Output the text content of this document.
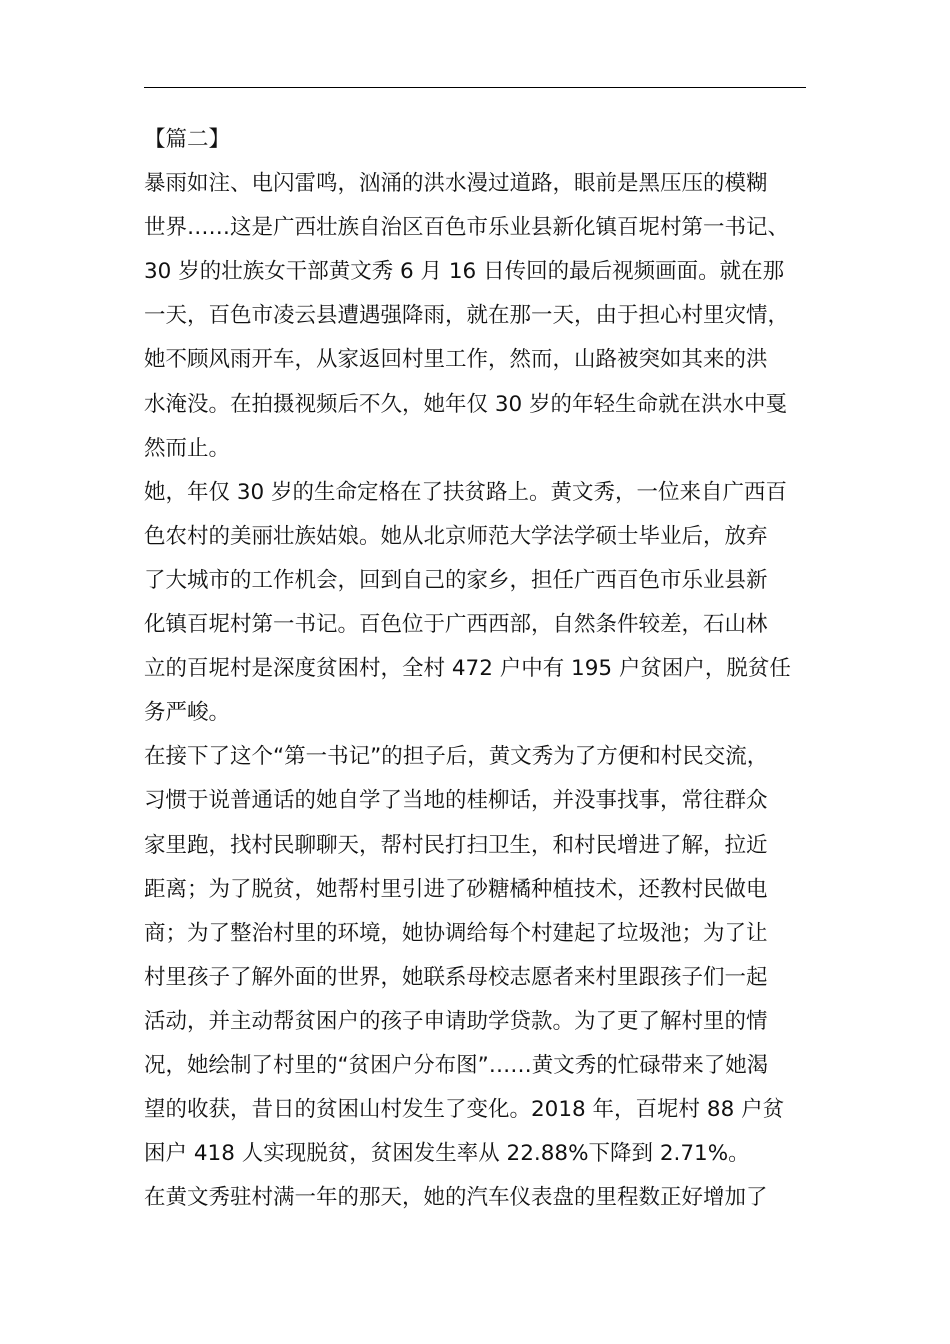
【篇二】
暴雨如注、电闪雷鸣，汹涌的洪水漫过道路，眼前是黑压压的模糊
世界……这是广西壮族自治区百色市乐业县新化镇百坭村第一书记、
30 岁的壮族女干部黄文秀 6 月 16 日传回的最后视频画面。就在那
一天，百色市凌云县遭遇强降雨，就在那一天，由于担心村里灾情，
她不顾风雨开车，从家返回村里工作，然而，山路被突如其来的洪
水淹没。在拍摄视频后不久，她年仅 30 岁的年轻生命就在洪水中戛
然而止。
她，年仅 30 岁的生命定格在了扶贫路上。黄文秀，一位来自广西百
色农村的美丽壮族姑娘。她从北京师范大学法学硕士毕业后，放弃
了大城市的工作机会，回到自己的家乡，担任广西百色市乐业县新
化镇百坭村第一书记。百色位于广西西部，自然条件较差，石山林
立的百坭村是深度贫困村，全村 472 户中有 195 户贫困户，脱贫任
务严峻。
在接下了这个“第一书记”的担子后，黄文秀为了方便和村民交流，
习惯于说普通话的她自学了当地的桂柳话，并没事找事，常往群众
家里跑，找村民聊聊天，帮村民打扫卫生，和村民增进了解，拉近
距离；为了脱贫，她帮村里引进了砂糖橘种植技术，还教村民做电
商；为了整治村里的环境，她协调给每个村建起了垃圾池；为了让
村里孩子了解外面的世界，她联系母校志愿者来村里跟孩子们一起
活动，并主动帮贫困户的孩子申请助学贷款。为了更了解村里的情
况，她绘制了村里的“贫困户分布图”……黄文秀的忙碌带来了她渴
望的收获，昔日的贫困山村发生了变化。2018 年，百坭村 88 户贫
困户 418 人实现脱贫，贫困发生率从 22.88%下降到 2.71%。
在黄文秀驻村满一年的那天，她的汽车仪表盘的里程数正好增加了
